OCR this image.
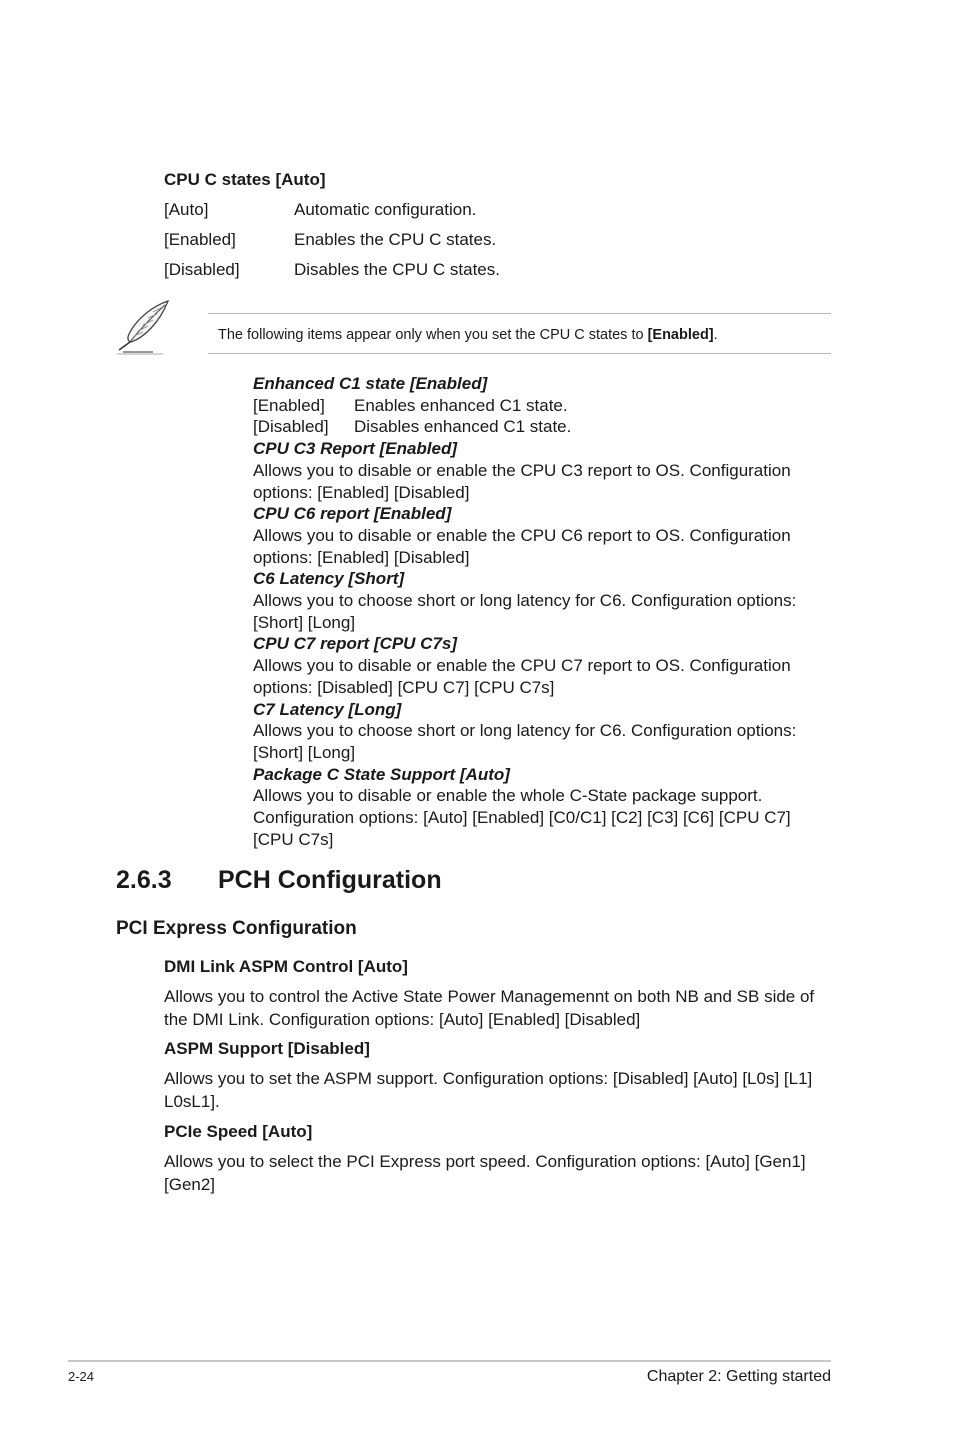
CPU C states [Auto]
[Auto]	Automatic configuration.
[Enabled]	Enables the CPU C states.
[Disabled]	Disables the CPU C states.
The following items appear only when you set the CPU C states to [Enabled].
Enhanced C1 state [Enabled]
[Enabled] Enables enhanced C1 state.
[Disabled] Disables enhanced C1 state.
CPU C3 Report [Enabled]
Allows you to disable or enable the CPU C3 report to OS. Configuration options: [Enabled] [Disabled]
CPU C6 report [Enabled]
Allows you to disable or enable the CPU C6 report to OS. Configuration options: [Enabled] [Disabled]
C6 Latency [Short]
Allows you to choose short or long latency for C6. Configuration options: [Short] [Long]
CPU C7 report [CPU C7s]
Allows you to disable or enable the CPU C7 report to OS. Configuration options: [Disabled] [CPU C7] [CPU C7s]
C7 Latency [Long]
Allows you to choose short or long latency for C6. Configuration options: [Short] [Long]
Package C State Support [Auto]
Allows you to disable or enable the whole C-State package support. Configuration options: [Auto] [Enabled] [C0/C1] [C2] [C3] [C6] [CPU C7] [CPU C7s]
2.6.3 PCH Configuration
PCI Express Configuration
DMI Link ASPM Control [Auto]
Allows you to control the Active State Power Managemennt on both NB and SB side of the DMI Link. Configuration options: [Auto] [Enabled] [Disabled]
ASPM Support [Disabled]
Allows you to set the ASPM support. Configuration options: [Disabled] [Auto] [L0s] [L1] L0sL1].
PCIe Speed [Auto]
Allows you to select the PCI Express port speed. Configuration options: [Auto] [Gen1] [Gen2]
2-24	Chapter 2: Getting started
